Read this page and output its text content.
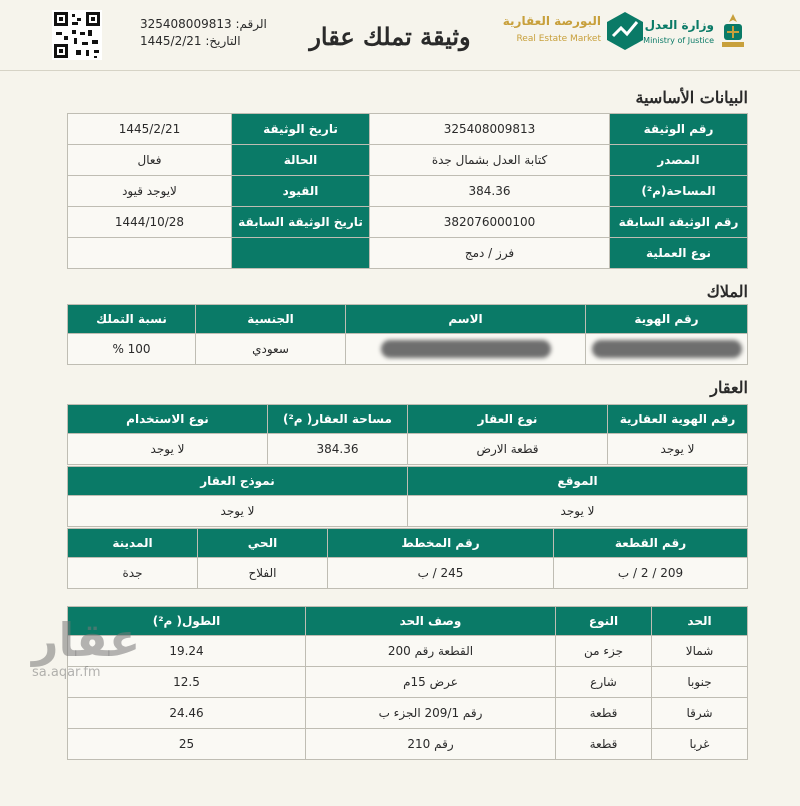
الرقم: 325408009813
التاريخ: 1445/2/21	وثيقة تملك عقار
البورصة العقارية
Real Estate Market
وزارة العدل
Ministry of Justice
البيانات الأساسية
رقم الوثيقة	325408009813	تاريخ الوثيقة	1445/2/21
المصدر	كتابة العدل بشمال جدة	الحالة	فعال
المساحة(م²)	384.36	القيود	لايوجد قيود
رقم الوثيقة السابقة	382076000100	تاريخ الوثيقة السابقة	1444/10/28
نوع العملية	فرز / دمج		
الملاك
رقم الهوية	الاسم	الجنسية	نسبة التملك
		سعودي	100 %
العقار
رقم الهوية العقارية	نوع العقار	مساحة العقار( م²)	نوع الاستخدام
لا يوجد	قطعة الارض	384.36	لا يوجد
الموقع	نموذج العقار
لا يوجد	لا يوجد
رقم القطعة	رقم المخطط	الحي	المدينة
209 / 2 / ب	245 / ب	الفلاح	جدة
الحد	النوع	وصف الحد	الطول( م²)
شمالا	جزء من	القطعة رقم 200	19.24
جنوبا	شارع	عرض 15م	12.5
شرقا	قطعة	رقم 209/1 الجزء ب	24.46
غربا	قطعة	رقم 210	25
عقار
sa.aqar.fm
